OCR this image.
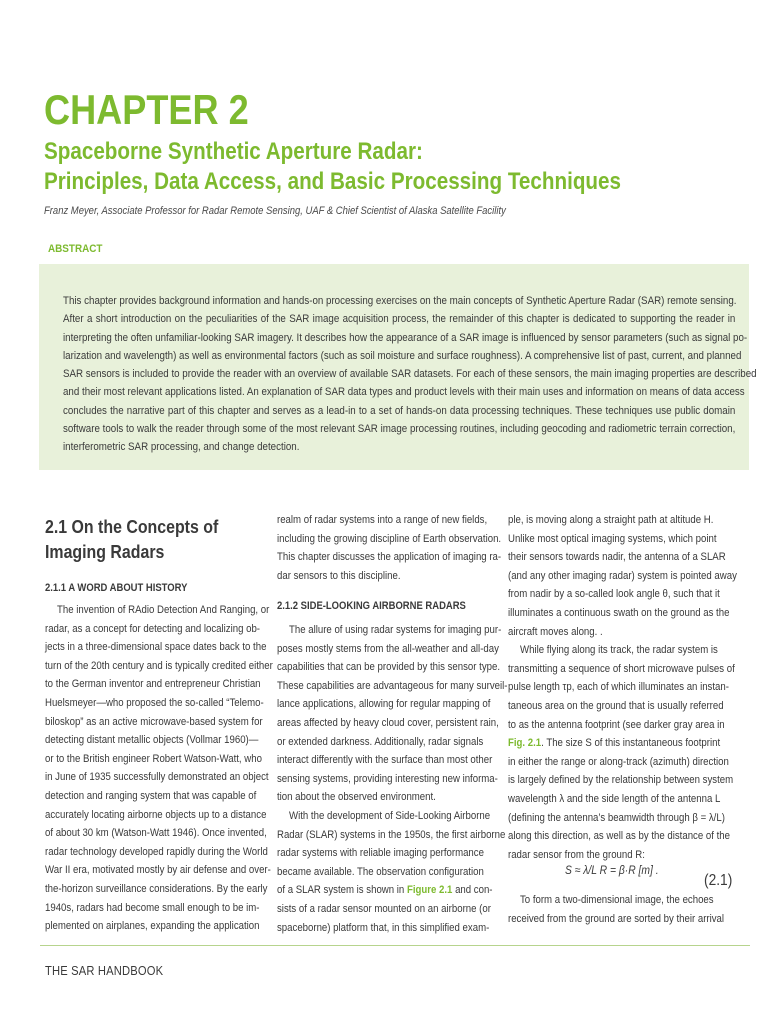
CHAPTER 2
Spaceborne Synthetic Aperture Radar:
Principles, Data Access, and Basic Processing Techniques
Franz Meyer, Associate Professor for Radar Remote Sensing, UAF & Chief Scientist of Alaska Satellite Facility
ABSTRACT
This chapter provides background information and hands-on processing exercises on the main concepts of Synthetic Aperture Radar (SAR) remote sensing.
After a short introduction on the peculiarities of the SAR image acquisition process, the remainder of this chapter is dedicated to supporting the reader in
interpreting the often unfamiliar-looking SAR imagery. It describes how the appearance of a SAR image is influenced by sensor parameters (such as signal po-
larization and wavelength) as well as environmental factors (such as soil moisture and surface roughness). A comprehensive list of past, current, and planned
SAR sensors is included to provide the reader with an overview of available SAR datasets. For each of these sensors, the main imaging properties are described
and their most relevant applications listed. An explanation of SAR data types and product levels with their main uses and information on means of data access
concludes the narrative part of this chapter and serves as a lead-in to a set of hands-on data processing techniques. These techniques use public domain
software tools to walk the reader through some of the most relevant SAR image processing routines, including geocoding and radiometric terrain correction,
interferometric SAR processing, and change detection.
2.1 On the Concepts of
Imaging Radars
2.1.1 A WORD ABOUT HISTORY
The invention of RAdio Detection And Ranging, or
radar, as a concept for detecting and localizing ob-
jects in a three-dimensional space dates back to the
turn of the 20th century and is typically credited either
to the German inventor and entrepreneur Christian
Huelsmeyer—who proposed the so-called “Telemo-
biloskop” as an active microwave-based system for
detecting distant metallic objects (Vollmar 1960)—
or to the British engineer Robert Watson-Watt, who
in June of 1935 successfully demonstrated an object
detection and ranging system that was capable of
accurately locating airborne objects up to a distance
of about 30 km (Watson-Watt 1946). Once invented,
radar technology developed rapidly during the World
War II era, motivated mostly by air defense and over-
the-horizon surveillance considerations. By the early
1940s, radars had become small enough to be im-
plemented on airplanes, expanding the application
realm of radar systems into a range of new fields,
including the growing discipline of Earth observation.
This chapter discusses the application of imaging ra-
dar sensors to this discipline.
2.1.2 SIDE-LOOKING AIRBORNE RADARS
The allure of using radar systems for imaging pur-
poses mostly stems from the all-weather and all-day
capabilities that can be provided by this sensor type.
These capabilities are advantageous for many surveil-
lance applications, allowing for regular mapping of
areas affected by heavy cloud cover, persistent rain,
or extended darkness. Additionally, radar signals
interact differently with the surface than most other
sensing systems, providing interesting new informa-
tion about the observed environment.
With the development of Side-Looking Airborne
Radar (SLAR) systems in the 1950s, the first airborne
radar systems with reliable imaging performance
became available. The observation configuration
of a SLAR system is shown in Figure 2.1 and con-
sists of a radar sensor mounted on an airborne (or
spaceborne) platform that, in this simplified exam-
ple, is moving along a straight path at altitude H.
Unlike most optical imaging systems, which point
their sensors towards nadir, the antenna of a SLAR
(and any other imaging radar) system is pointed away
from nadir by a so-called look angle θ, such that it
illuminates a continuous swath on the ground as the
aircraft moves along. .
While flying along its track, the radar system is
transmitting a sequence of short microwave pulses of
pulse length τp, each of which illuminates an instan-
taneous area on the ground that is usually referred
to as the antenna footprint (see darker gray area in
Fig. 2.1. The size S of this instantaneous footprint
in either the range or along-track (azimuth) direction
is largely defined by the relationship between system
wavelength λ and the side length of the antenna L
(defining the antenna’s beamwidth through β = λ/L)
along this direction, as well as by the distance of the
radar sensor from the ground R:
S ≈ λ/L R = β·R [m] .
(2.1)
To form a two-dimensional image, the echoes
received from the ground are sorted by their arrival
THE SAR HANDBOOK
